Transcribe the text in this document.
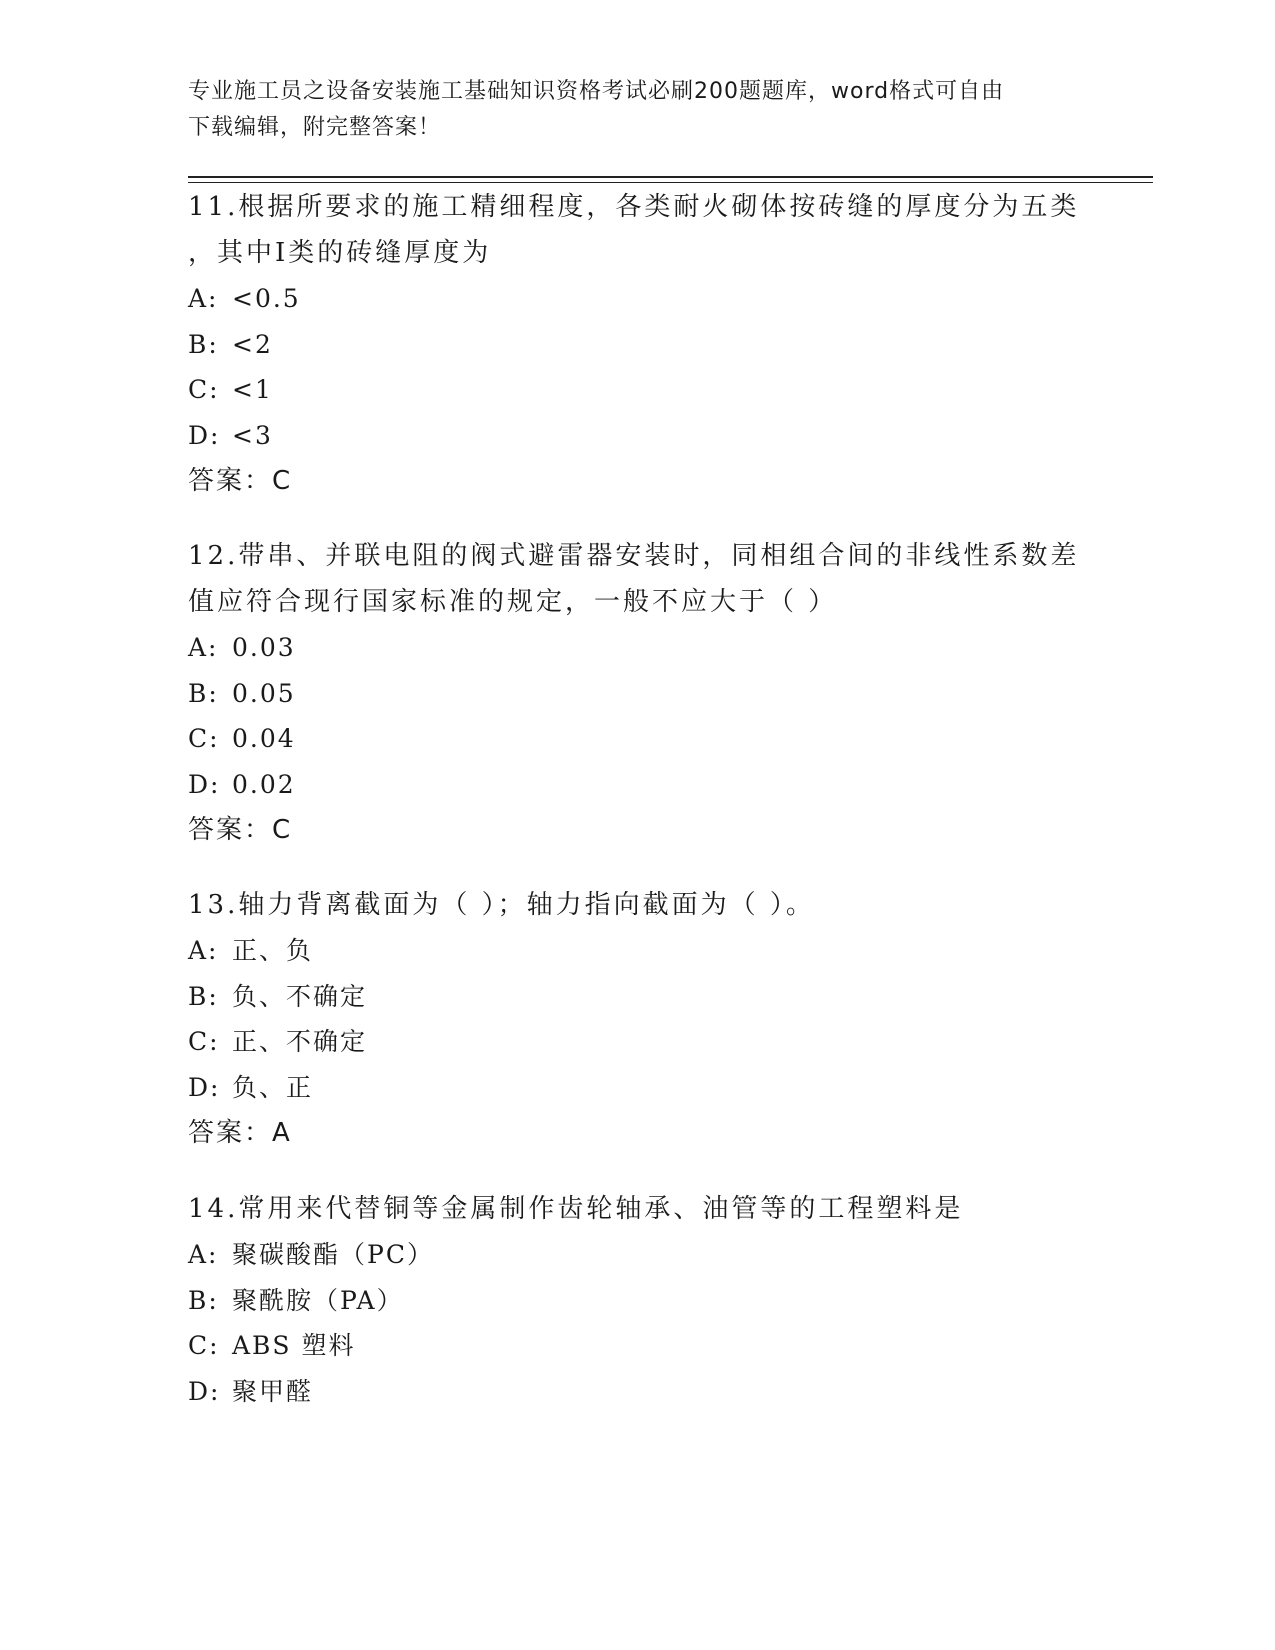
专业施工员之设备安装施工基础知识资格考试必刷200题题库，word格式可自由
下载编辑，附完整答案！

11.根据所要求的施工精细程度，各类耐火砌体按砖缝的厚度分为五类

，其中Ⅰ类的砖缝厚度为

A: <0.5

B: <2

C: <1

D: <3

答案：C

12.带串、并联电阻的阀式避雷器安装时，同相组合间的非线性系数差

值应符合现行国家标准的规定，一般不应大于（ ）

A: 0.03

B: 0.05

C: 0.04

D: 0.02

答案：C

13.轴力背离截面为（ ）；轴力指向截面为（ ）。

A: 正、负

B: 负、不确定

C: 正、不确定

D: 负、正

答案：A

14.常用来代替铜等金属制作齿轮轴承、油管等的工程塑料是

A: 聚碳酸酯（PC）

B: 聚酰胺（PA）

C: ABS 塑料

D: 聚甲醛
